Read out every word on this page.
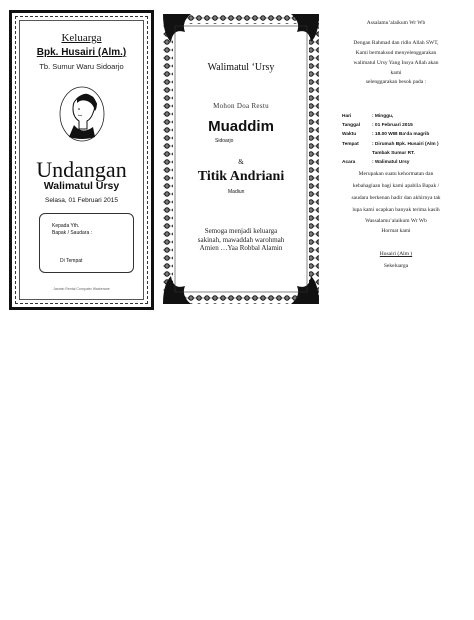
Keluarga
Bpk. Husairi (Alm.)
Tb. Sumur Waru Sidoarjo
Undangan
Walimatul Ursy
Selasa, 01 Februari 2015
Kepada Yth.
Bapak / Saudara :
Di Tempat
Jasmin Rental Computer Warkerane
Walimatul ‘Ursy
Mohon Doa Restu
Muaddim
Sidoarjo
&
Titik Andriani
Madiun
Semoga menjadi keluarga
sakinah, mawaddah warohmah
Amien …Yaa Robbal Alamin
Assalamu’alaikum Wr Wb
Dengan Rahmad dan ridlo Allah SWT,
Kami bermaksud menyelenggarakan
walimatul Ursy Yang Insya Allah akan
kami
selenggarakan besok pada :
Hari	: Minggu,
Tanggal	: 01 Februari 2015
Waktu	: 18.00 WIB Ba’da magrib
Tempat	: Dirumah Bpk. Husairi (Alm )
Tambak Sumur RT.
Acara	: Walimatul Ursy
Merupakan suatu kehormatan dan
kebahagiaan bagi kami apabila Bapak /
saudara berkenan hadir dan akhirnya tak
lupa kami ucapkan banyak terima kasih
Wassalamu’alaikum Wr Wb
Hormat kami
Husairi (Alm )
Sekeluarga
